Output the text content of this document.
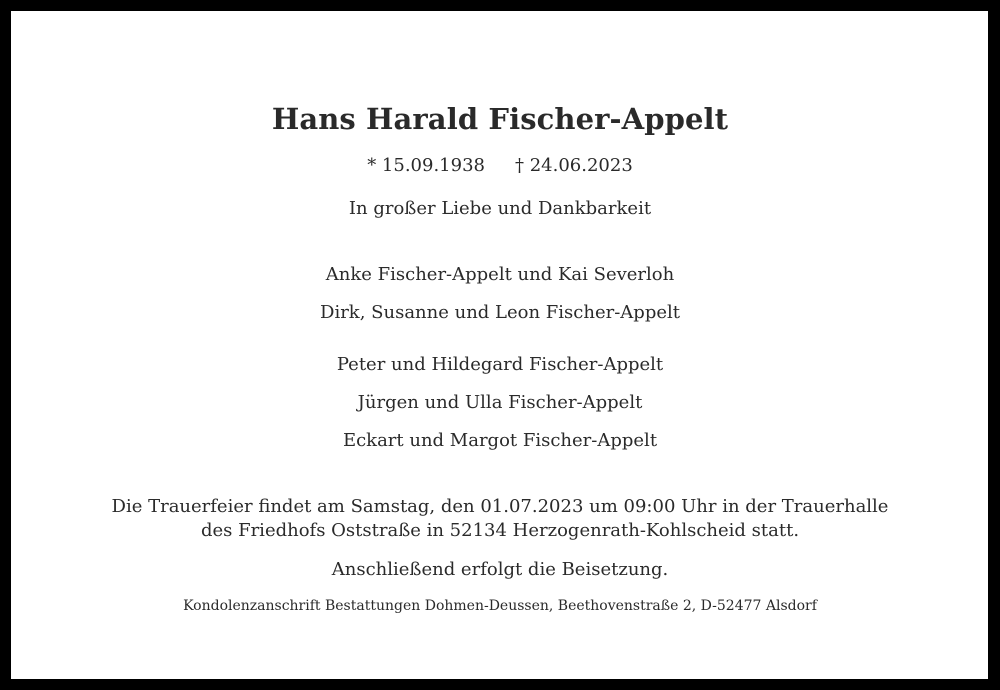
Hans Harald Fischer-Appelt
* 15.09.1938 † 24.06.2023
In großer Liebe und Dankbarkeit
Anke Fischer-Appelt und Kai Severloh
Dirk, Susanne und Leon Fischer-Appelt
Peter und Hildegard Fischer-Appelt
Jürgen und Ulla Fischer-Appelt
Eckart und Margot Fischer-Appelt
Die Trauerfeier findet am Samstag, den 01.07.2023 um 09:00 Uhr in der Trauerhalle
des Friedhofs Oststraße in 52134 Herzogenrath-Kohlscheid statt.
Anschließend erfolgt die Beisetzung.
Kondolenzanschrift Bestattungen Dohmen-Deussen, Beethovenstraße 2, D-52477 Alsdorf
